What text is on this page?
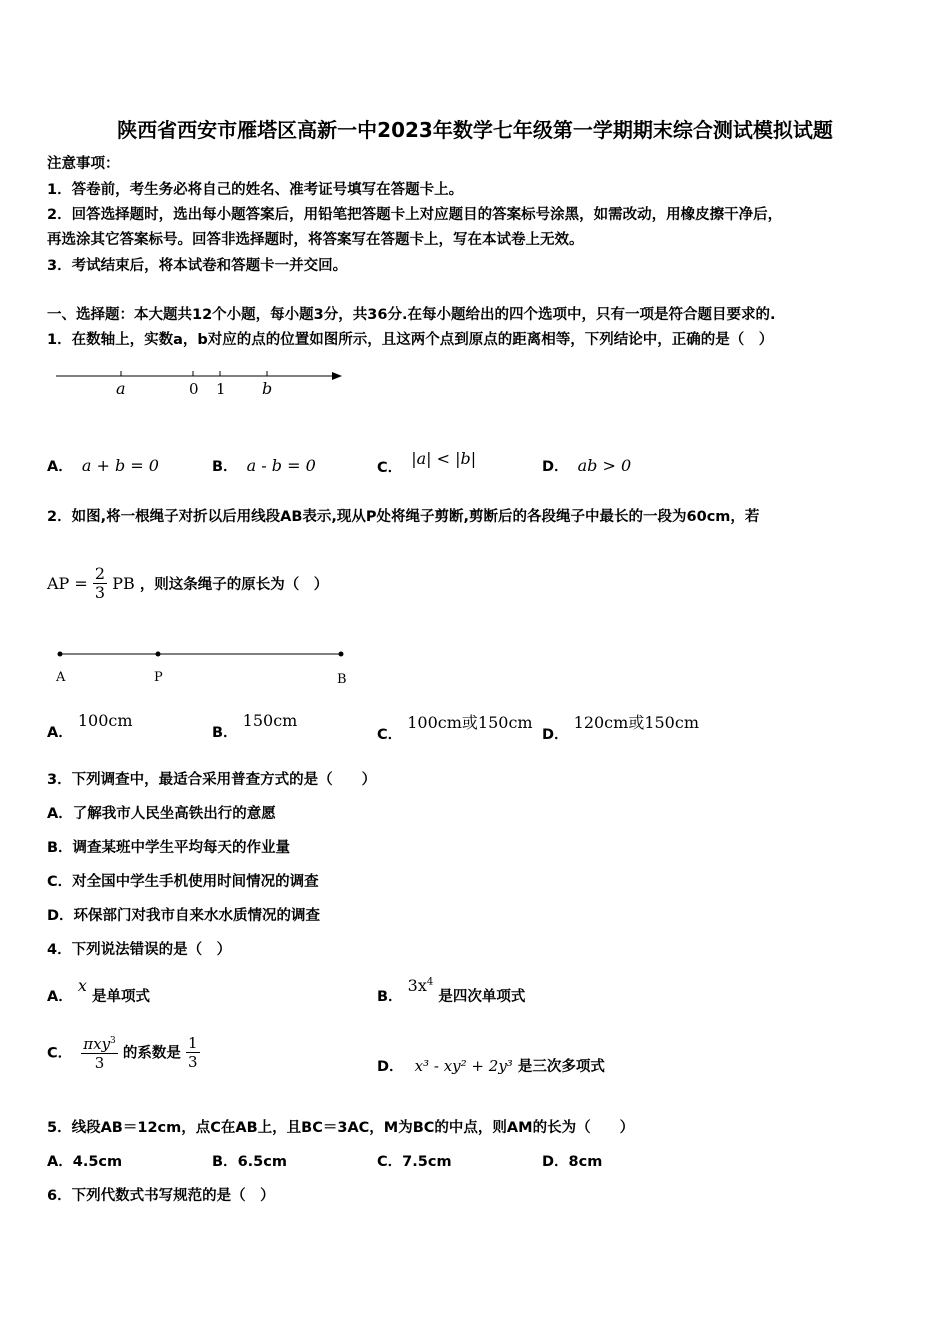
陕西省西安市雁塔区高新一中2023年数学七年级第一学期期末综合测试模拟试题
注意事项：
1．答卷前，考生务必将自己的姓名、准考证号填写在答题卡上。
2．回答选择题时，选出每小题答案后，用铅笔把答题卡上对应题目的答案标号涂黑，如需改动，用橡皮擦干净后，
再选涂其它答案标号。回答非选择题时，将答案写在答题卡上，写在本试卷上无效。
3．考试结束后，将本试卷和答题卡一并交回。
一、选择题：本大题共12个小题，每小题3分，共36分.在每小题给出的四个选项中，只有一项是符合题目要求的.
1．在数轴上，实数a，b对应的点的位置如图所示，且这两个点到原点的距离相等，下列结论中，正确的是（　）
a	0 1 b
A． a + b = 0	B． a - b = 0	C． |a| < |b|	D． ab > 0
2．如图,将一根绳子对折以后用线段AB表示,现从P处将绳子剪断,剪断后的各段绳子中最长的一段为60cm，若
AP = $\frac{2}{3}$ PB ，则这条绳子的原长为（　）
A	P	B
A． 100cm
B． 150cm
C． 100cm或150cm
D． 120cm或150cm
3．下列调查中，最适合采用普查方式的是（　　）
A．了解我市人民坐高铁出行的意愿
B．调查某班中学生平均每天的作业量
C．对全国中学生手机使用时间情况的调查
D．环保部门对我市自来水水质情况的调查
4．下列说法错误的是（　）
A． x 是单项式	B． $3x^4$ 是四次单项式
C． $\frac{\pi xy^3}{3}$ 的系数是 $\frac{1}{3}$	D． x³ - xy² + 2y³ 是三次多项式
5．线段AB＝12cm，点C在AB上，且BC＝3AC，M为BC的中点，则AM的长为（　　）
A．4.5cm	B．6.5cm	C．7.5cm	D．8cm
6．下列代数式书写规范的是（　）
